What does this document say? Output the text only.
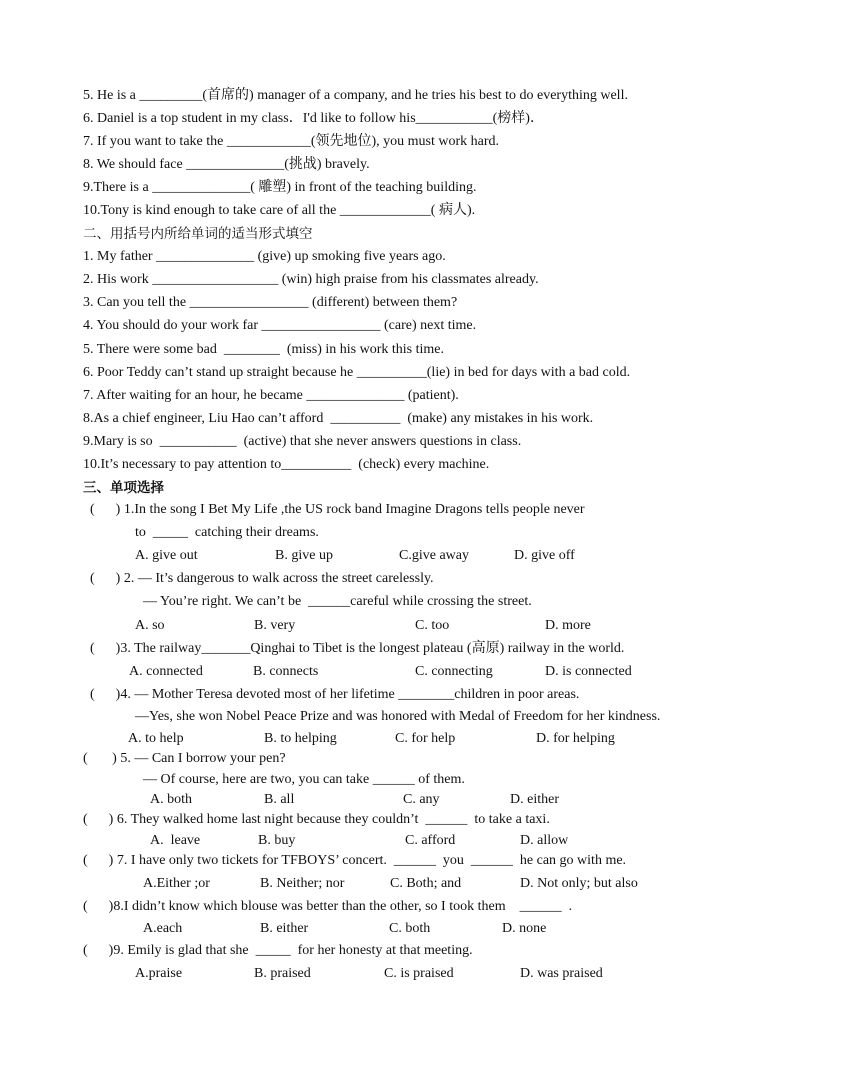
5. He is a _________(首席的) manager of a company, and he tries his best to do everything well.
6. Daniel is a top student in my class．I'd like to follow his___________(榜样)．
7. If you want to take the ____________(领先地位), you must work hard.
8. We should face ______________(挑战) bravely.
9.There is a ______________( 雕塑) in front of the teaching building.
10.Tony is kind enough to take care of all the _____________( 病人).
二、用括号内所给单词的适当形式填空
1. My father ______________ (give) up smoking five years ago.
2. His work __________________ (win) high praise from his classmates already.
3. Can you tell the _________________ (different) between them?
4. You should do your work far _________________ (care) next time.
5. There were some bad  ________  (miss) in his work this time.
6. Poor Teddy can’t stand up straight because he __________(lie) in bed for days with a bad cold.
7. After waiting for an hour, he became ______________ (patient).
8.As a chief engineer, Liu Hao can’t afford  __________  (make) any mistakes in his work.
9.Mary is so  ___________  (active) that she never answers questions in class.
10.It’s necessary to pay attention to__________  (check) every machine.
三、单项选择
(      ) 1.In the song I Bet My Life ,the US rock band Imagine Dragons tells people never
to  _____  catching their dreams.
A. give out	B. give up	C.give away	D. give off
(      ) 2. — It’s dangerous to walk across the street carelessly.
— You’re right. We can’t be  ______careful while crossing the street.
A. so	B. very	C. too	D. more
(      )3. The railway_______Qinghai to Tibet is the longest plateau (高原) railway in the world.
A. connected	B. connects	C. connecting	D. is connected
(      )4. — Mother Teresa devoted most of her lifetime ________children in poor areas.
—Yes, she won Nobel Peace Prize and was honored with Medal of Freedom for her kindness.
A. to help	B. to helping	C. for help	D. for helping
(       ) 5. — Can I borrow your pen?
— Of course, here are two, you can take ______ of them.
A. both	B. all	C. any	D. either
(      ) 6. They walked home last night because they couldn’t  ______  to take a taxi.
A.  leave	B. buy	C. afford	D. allow
(      ) 7. I have only two tickets for TFBOYS’ concert.  ______  you  ______  he can go with me.
A.Either ;or	B. Neither; nor	C. Both; and	D. Not only; but also
(      )8.I didn’t know which blouse was better than the other, so I took them    ______  .
A.each	B. either	C. both	D. none
(      )9. Emily is glad that she  _____  for her honesty at that meeting.
A.praise	B. praised	C. is praised	D. was praised
